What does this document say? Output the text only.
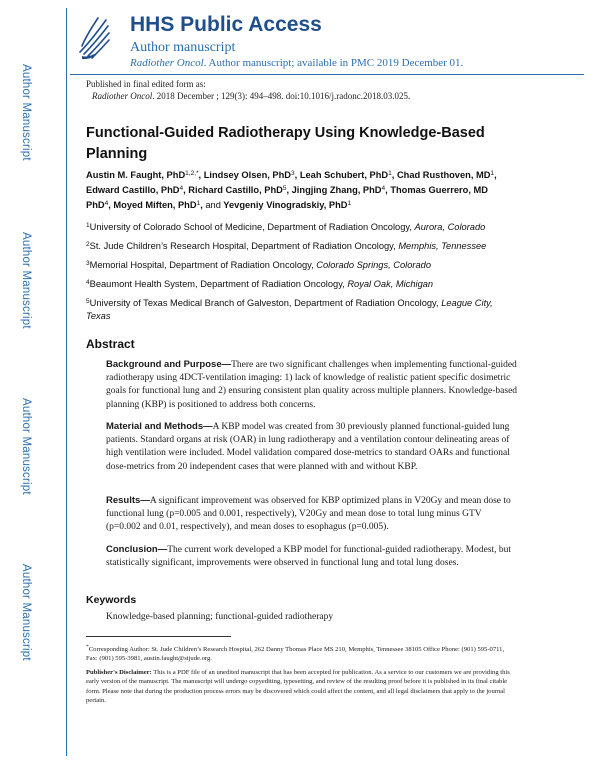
Author Manuscript
Author Manuscript
Author Manuscript
Author Manuscript
HHS Public Access
Author manuscript
Radiother Oncol. Author manuscript; available in PMC 2019 December 01.
Published in final edited form as:
Radiother Oncol. 2018 December ; 129(3): 494–498. doi:10.1016/j.radonc.2018.03.025.
Functional-Guided Radiotherapy Using Knowledge-Based Planning
Austin M. Faught, PhD$^{1,2,*}$, Lindsey Olsen, PhD$^3$, Leah Schubert, PhD$^1$, Chad Rusthoven, $MD^1$, Edward Castillo, PhD$^4$, Richard Castillo, PhD$^5$, Jingjing Zhang, PhD$^4$, Thomas Guerrero, MD PhD$^4$, Moyed Miften, PhD$^1$, and Yevgeniy Vinogradskiy, PhD$^1$
$^1$University of Colorado School of Medicine, Department of Radiation Oncology, Aurora, Colorado
$^2$St. Jude Children’s Research Hospital, Department of Radiation Oncology, Memphis, Tennessee
$^3$Memorial Hospital, Department of Radiation Oncology, Colorado Springs, Colorado
$^4$Beaumont Health System, Department of Radiation Oncology, Royal Oak, Michigan
$^5$University of Texas Medical Branch of Galveston, Department of Radiation Oncology, League City, Texas
Abstract
Background and Purpose—There are two significant challenges when implementing functional-guided radiotherapy using 4DCT-ventilation imaging: 1) lack of knowledge of realistic patient specific dosimetric goals for functional lung and 2) ensuring consistent plan quality across multiple planners. Knowledge-based planning (KBP) is positioned to address both concerns.
Material and Methods—A KBP model was created from 30 previously planned functional-guided lung patients. Standard organs at risk (OAR) in lung radiotherapy and a ventilation contour delineating areas of high ventilation were included. Model validation compared dose-metrics to standard OARs and functional dose-metrics from 20 independent cases that were planned with and without KBP.
Results—A significant improvement was observed for KBP optimized plans in V20Gy and mean dose to functional lung (p=0.005 and 0.001, respectively), V20Gy and mean dose to total lung minus GTV (p=0.002 and 0.01, respectively), and mean doses to esophagus (p=0.005).
Conclusion—The current work developed a KBP model for functional-guided radiotherapy. Modest, but statistically significant, improvements were observed in functional lung and total lung doses.
Keywords
Knowledge-based planning; functional-guided radiotherapy
*Corresponding Author: St. Jude Children’s Research Hospital, 262 Danny Thomas Place MS 210, Memphis, Tennessee 38105 Office Phone: (901) 595-0711, Fax: (901) 595-3981, austin.faught@stjude.org.
Publisher's Disclaimer: This is a PDF file of an unedited manuscript that has been accepted for publication. As a service to our customers we are providing this early version of the manuscript. The manuscript will undergo copyediting, typesetting, and review of the resulting proof before it is published in its final citable form. Please note that during the production process errors may be discovered which could affect the content, and all legal disclaimers that apply to the journal pertain.
